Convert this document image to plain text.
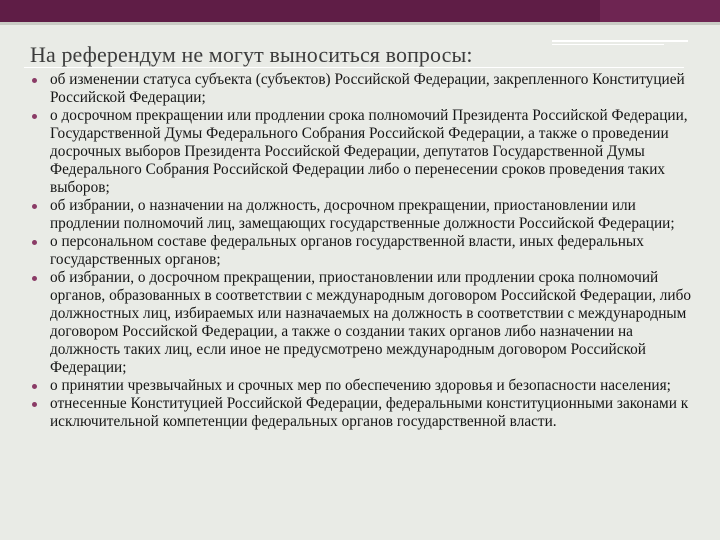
На референдум не могут выноситься вопросы:
об изменении статуса субъекта (субъектов) Российской Федерации, закрепленного Конституцией Российской Федерации;
о досрочном прекращении или продлении срока полномочий Президента Российской Федерации, Государственной Думы Федерального Собрания Российской Федерации, а также о проведении досрочных выборов Президента Российской Федерации, депутатов Государственной Думы Федерального Собрания Российской Федерации либо о перенесении сроков проведения таких выборов;
об избрании, о назначении на должность, досрочном прекращении, приостановлении или продлении полномочий лиц, замещающих государственные должности Российской Федерации;
о персональном составе федеральных органов государственной власти, иных федеральных государственных органов;
об избрании, о досрочном прекращении, приостановлении или продлении срока полномочий органов, образованных в соответствии с международным договором Российской Федерации, либо должностных лиц, избираемых или назначаемых на должность в соответствии с международным договором Российской Федерации, а также о создании таких органов либо назначении на должность таких лиц, если иное не предусмотрено международным договором Российской Федерации;
о принятии чрезвычайных и срочных мер по обеспечению здоровья и безопасности населения;
отнесенные Конституцией Российской Федерации, федеральными конституционными законами к исключительной компетенции федеральных органов государственной власти.
